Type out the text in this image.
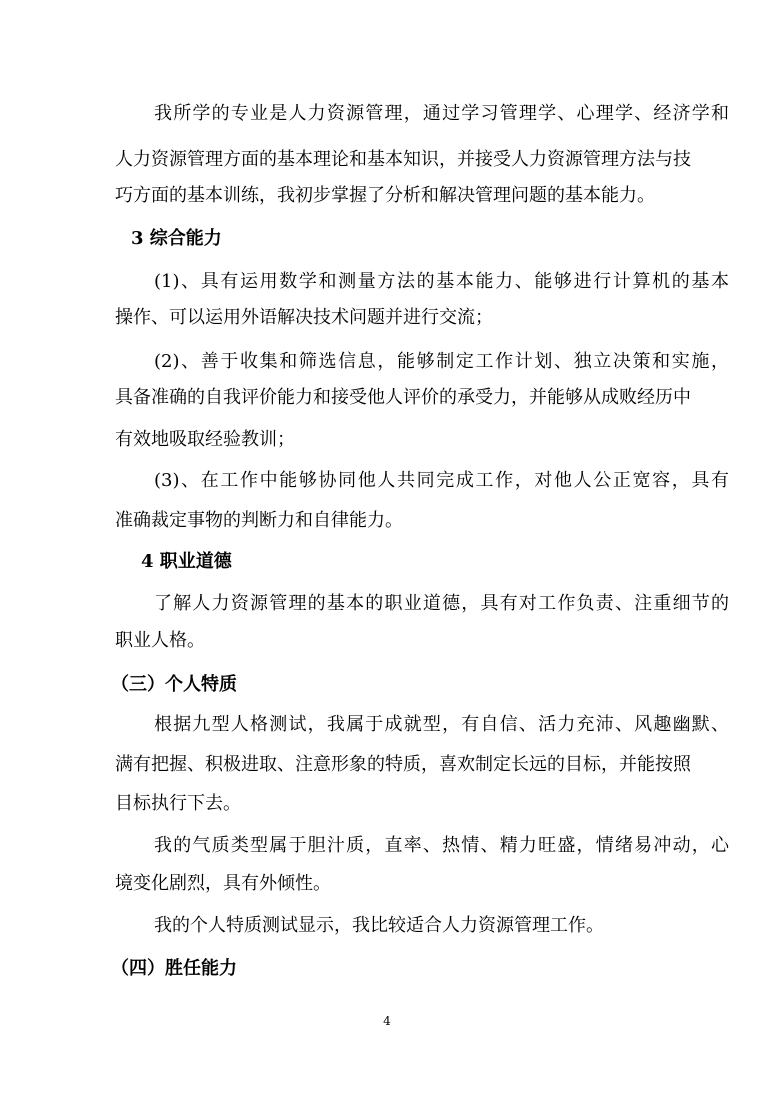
我所学的专业是人力资源管理，通过学习管理学、心理学、经济学和
人力资源管理方面的基本理论和基本知识，并接受人力资源管理方法与技
巧方面的基本训练，我初步掌握了分析和解决管理问题的基本能力。
3 综合能力
(1)、具有运用数学和测量方法的基本能力、能够进行计算机的基本
操作、可以运用外语解决技术问题并进行交流；
(2)、善于收集和筛选信息，能够制定工作计划、独立决策和实施，
具备准确的自我评价能力和接受他人评价的承受力，并能够从成败经历中
有效地吸取经验教训；
(3)、在工作中能够协同他人共同完成工作，对他人公正宽容，具有
准确裁定事物的判断力和自律能力。
4 职业道德
了解人力资源管理的基本的职业道德，具有对工作负责、注重细节的
职业人格。
（三）个人特质
根据九型人格测试，我属于成就型，有自信、活力充沛、风趣幽默、
满有把握、积极进取、注意形象的特质，喜欢制定长远的目标，并能按照
目标执行下去。
我的气质类型属于胆汁质，直率、热情、精力旺盛，情绪易冲动，心
境变化剧烈，具有外倾性。
我的个人特质测试显示，我比较适合人力资源管理工作。
（四）胜任能力
4
